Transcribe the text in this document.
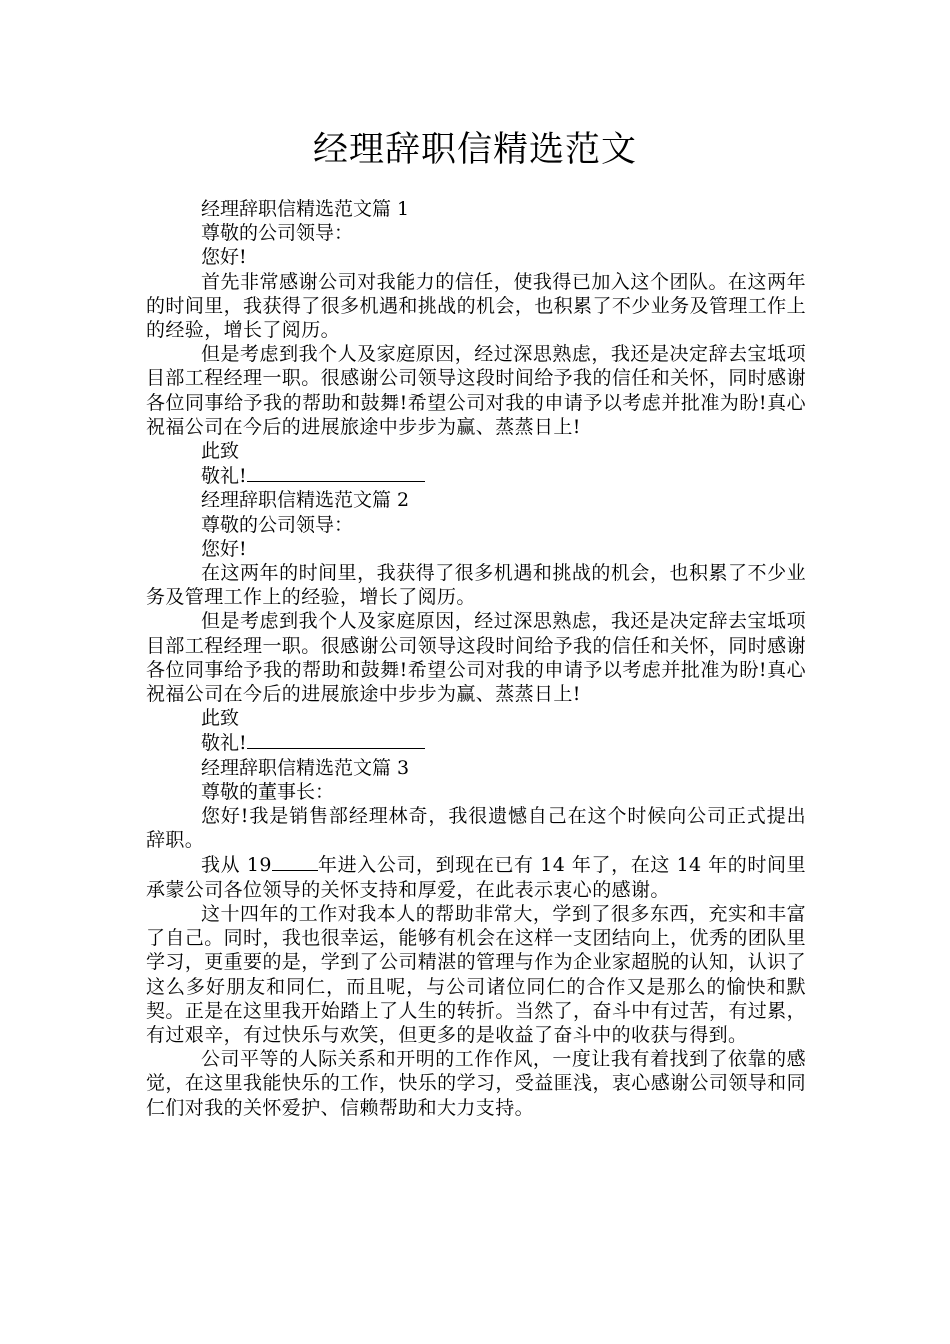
经理辞职信精选范文

经理辞职信精选范文篇 1

尊敬的公司领导：

您好!

首先非常感谢公司对我能力的信任，使我得已加入这个团队。在这两年的时间里，我获得了很多机遇和挑战的机会，也积累了不少业务及管理工作上的经验，增长了阅历。

但是考虑到我个人及家庭原因，经过深思熟虑，我还是决定辞去宝坻项目部工程经理一职。很感谢公司领导这段时间给予我的信任和关怀，同时感谢各位同事给予我的帮助和鼓舞!希望公司对我的申请予以考虑并批准为盼!真心祝福公司在今后的进展旅途中步步为赢、蒸蒸日上!

此致

敬礼!

经理辞职信精选范文篇 2

尊敬的公司领导：

您好!

在这两年的时间里，我获得了很多机遇和挑战的机会，也积累了不少业务及管理工作上的经验，增长了阅历。

但是考虑到我个人及家庭原因，经过深思熟虑，我还是决定辞去宝坻项目部工程经理一职。很感谢公司领导这段时间给予我的信任和关怀，同时感谢各位同事给予我的帮助和鼓舞!希望公司对我的申请予以考虑并批准为盼!真心祝福公司在今后的进展旅途中步步为赢、蒸蒸日上!

此致

敬礼!

经理辞职信精选范文篇 3

尊敬的董事长：

您好!我是销售部经理林奇，我很遗憾自己在这个时候向公司正式提出辞职。

我从 19 年进入公司，到现在已有 14 年了，在这 14 年的时间里承蒙公司各位领导的关怀支持和厚爱，在此表示衷心的感谢。

这十四年的工作对我本人的帮助非常大，学到了很多东西，充实和丰富了自己。同时，我也很幸运，能够有机会在这样一支团结向上，优秀的团队里学习，更重要的是，学到了公司精湛的管理与作为企业家超脱的认知，认识了这么多好朋友和同仁，而且呢，与公司诸位同仁的合作又是那么的愉快和默契。正是在这里我开始踏上了人生的转折。当然了，奋斗中有过苦，有过累，有过艰辛，有过快乐与欢笑，但更多的是收益了奋斗中的收获与得到。

公司平等的人际关系和开明的工作作风，一度让我有着找到了依靠的感觉，在这里我能快乐的工作，快乐的学习，受益匪浅，衷心感谢公司领导和同仁们对我的关怀爱护、信赖帮助和大力支持。
